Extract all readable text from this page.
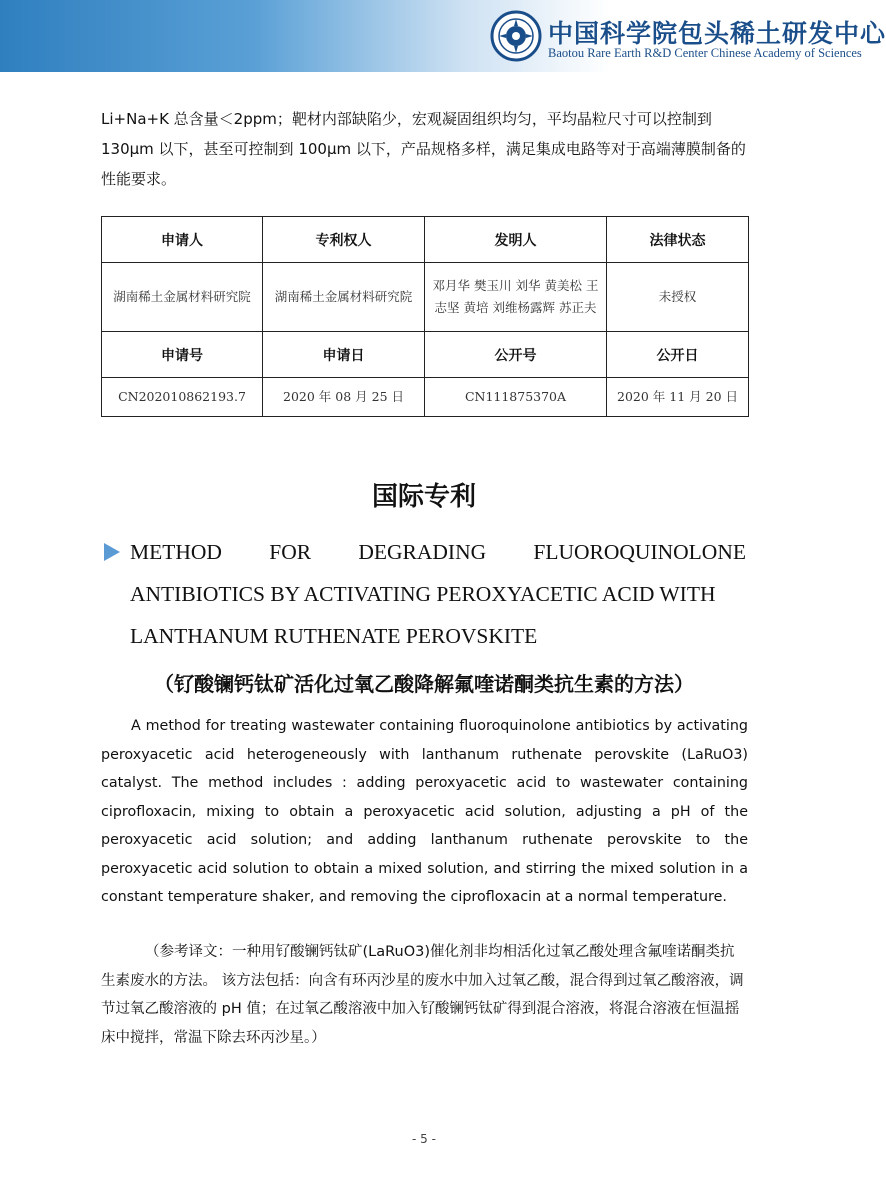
中国科学院包头稀土研发中心
Baotou Rare Earth R&D Center Chinese Academy of Sciences

Li+Na+K 总含量＜2ppm；靶材内部缺陷少，宏观凝固组织均匀，平均晶粒尺寸可以控制到 130μm 以下，甚至可控制到 100μm 以下，产品规格多样，满足集成电路等对于高端薄膜制备的性能要求。

申请人	专利权人	发明人	法律状态
湖南稀土金属材料研究院	湖南稀土金属材料研究院	邓月华 樊玉川 刘华 黄美松 王志坚 黄培 刘维杨露辉 苏正夫	未授权
申请号	申请日	公开号	公开日
CN202010862193.7	2020 年 08 月 25 日	CN111875370A	2020 年 11 月 20 日
国际专利
METHOD FOR DEGRADING FLUOROQUINOLONE
ANTIBIOTICS BY ACTIVATING PEROXYACETIC ACID WITH
LANTHANUM RUTHENATE PEROVSKITE
（钌酸镧钙钛矿活化过氧乙酸降解氟喹诺酮类抗生素的方法）

A method for treating wastewater containing fluoroquinolone antibiotics by activating peroxyacetic acid heterogeneously with lanthanum ruthenate perovskite (LaRuO3) catalyst. The method includes : adding peroxyacetic acid to wastewater containing ciprofloxacin, mixing to obtain a peroxyacetic acid solution, adjusting a pH of the peroxyacetic acid solution; and adding lanthanum ruthenate perovskite to the peroxyacetic acid solution to obtain a mixed solution, and stirring the mixed solution in a constant temperature shaker, and removing the ciprofloxacin at a normal temperature.

（参考译文：一种用钌酸镧钙钛矿(LaRuO3)催化剂非均相活化过氧乙酸处理含氟喹诺酮类抗生素废水的方法。 该方法包括：向含有环丙沙星的废水中加入过氧乙酸，混合得到过氧乙酸溶液，调节过氧乙酸溶液的 pH 值；在过氧乙酸溶液中加入钌酸镧钙钛矿得到混合溶液，将混合溶液在恒温摇床中搅拌，常温下除去环丙沙星。）

- 5 -
